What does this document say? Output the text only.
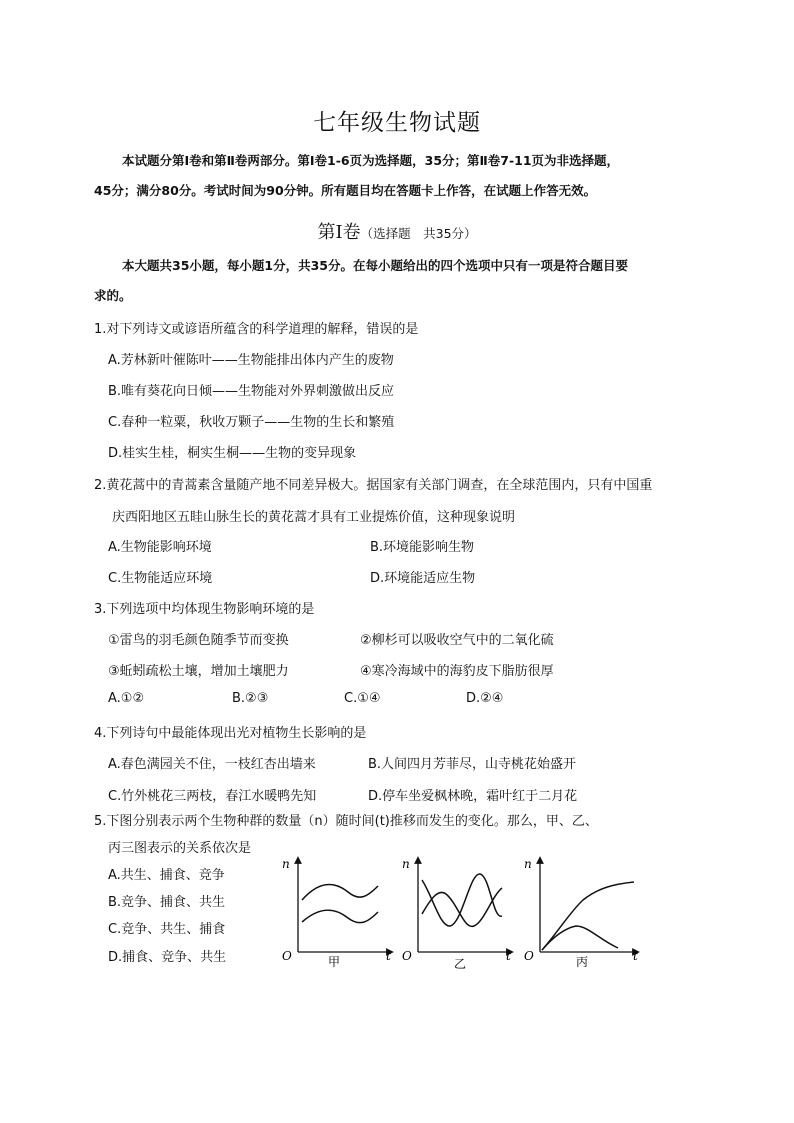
七年级生物试题
本试题分第Ⅰ卷和第Ⅱ卷两部分。第Ⅰ卷1-6页为选择题，35分；第Ⅱ卷7-11页为非选择题，
45分；满分80分。考试时间为90分钟。所有题目均在答题卡上作答，在试题上作答无效。
第Ⅰ卷（选择题　共35分）
本大题共35小题，每小题1分，共35分。在每小题给出的四个选项中只有一项是符合题目要
求的。
1.对下列诗文或谚语所蕴含的科学道理的解释，错误的是
A.芳林新叶催陈叶——生物能排出体内产生的废物
B.唯有葵花向日倾——生物能对外界刺激做出反应
C.春种一粒粟，秋收万颗子——生物的生长和繁殖
D.桂实生桂，桐实生桐——生物的变异现象
2.黄花蒿中的青蒿素含量随产地不同差异极大。据国家有关部门调查，在全球范围内，只有中国重
庆西阳地区五眭山脉生长的黄花蒿才具有工业提炼价值，这种现象说明
A.生物能影响环境	B.环境能影响生物
C.生物能适应环境	D.环境能适应生物
3.下列选项中均体现生物影响环境的是
①雷鸟的羽毛颜色随季节而变换	②柳杉可以吸收空气中的二氧化硫
③蚯蚓疏松土壤，增加土壤肥力	④寒冷海域中的海豹皮下脂肪很厚
A.①②	B.②③	C.①④	D.②④
4.下列诗句中最能体现出光对植物生长影响的是
A.春色满园关不住，一枝红杏出墙来	B.人间四月芳菲尽，山寺桃花始盛开
C.竹外桃花三两枝，春江水暖鸭先知	D.停车坐爱枫林晚，霜叶红于二月花
5.下图分别表示两个生物种群的数量（n）随时间(t)推移而发生的变化。那么，甲、乙、
丙三图表示的关系依次是
A.共生、捕食、竞争
B.竞争、捕食、共生
C.竞争、共生、捕食
D.捕食、竞争、共生
n
O	t
甲
n
O	t
乙
O	t
n
丙
